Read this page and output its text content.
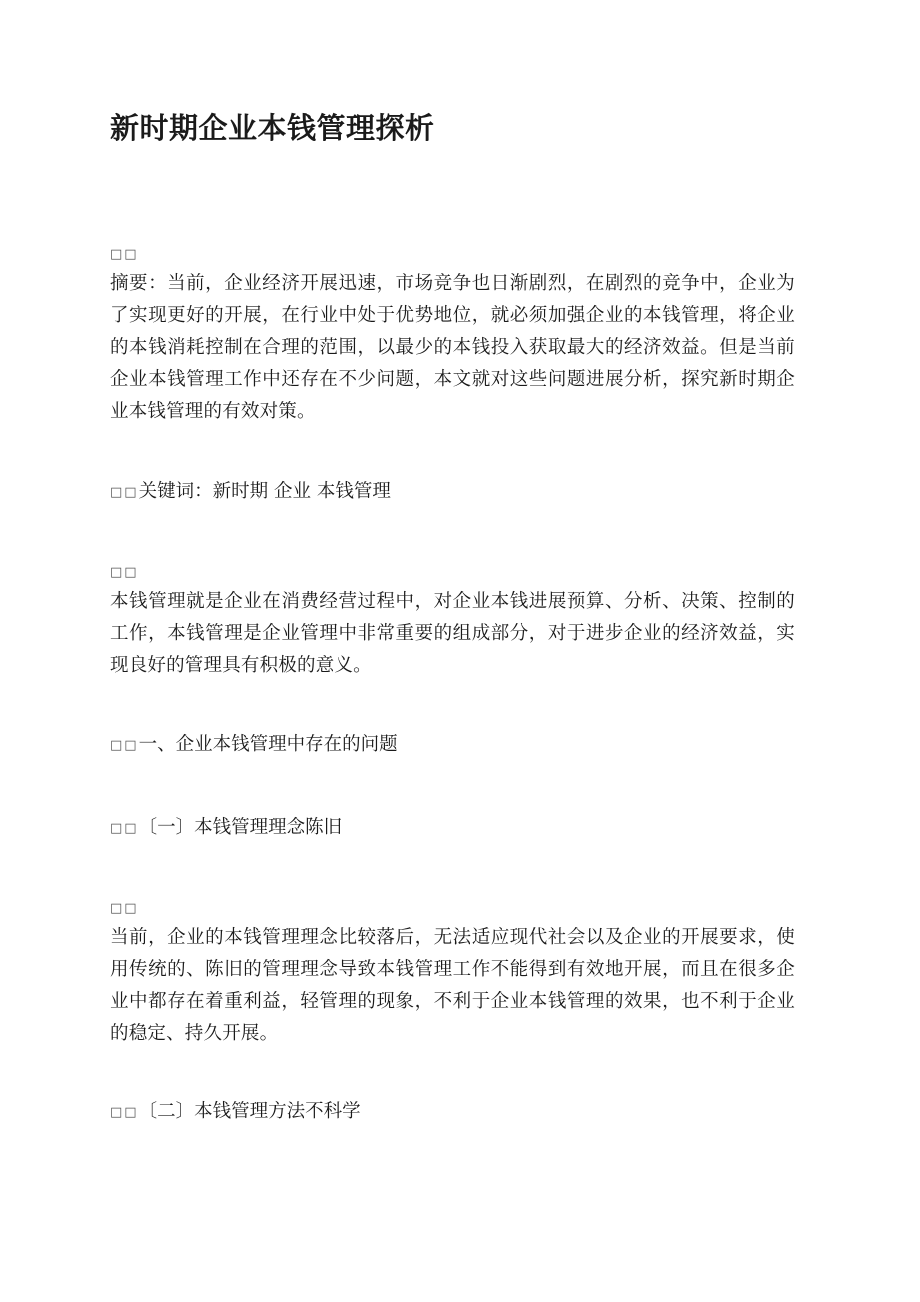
新时期企业本钱管理探析
□□
摘要：当前，企业经济开展迅速，市场竞争也日渐剧烈，在剧烈的竞争中，企业为了实现更好的开展，在行业中处于优势地位，就必须加强企业的本钱管理，将企业的本钱消耗控制在合理的范围，以最少的本钱投入获取最大的经济效益。但是当前企业本钱管理工作中还存在不少问题，本文就对这些问题进展分析，探究新时期企业本钱管理的有效对策。

□□关键词：新时期 企业 本钱管理

□□
本钱管理就是企业在消费经营过程中，对企业本钱进展预算、分析、决策、控制的工作，本钱管理是企业管理中非常重要的组成部分，对于进步企业的经济效益，实现良好的管理具有积极的意义。

□□一、企业本钱管理中存在的问题

□□〔一〕本钱管理理念陈旧

□□
当前，企业的本钱管理理念比较落后，无法适应现代社会以及企业的开展要求，使用传统的、陈旧的管理理念导致本钱管理工作不能得到有效地开展，而且在很多企业中都存在着重利益，轻管理的现象，不利于企业本钱管理的效果，也不利于企业的稳定、持久开展。

□□〔二〕本钱管理方法不科学
